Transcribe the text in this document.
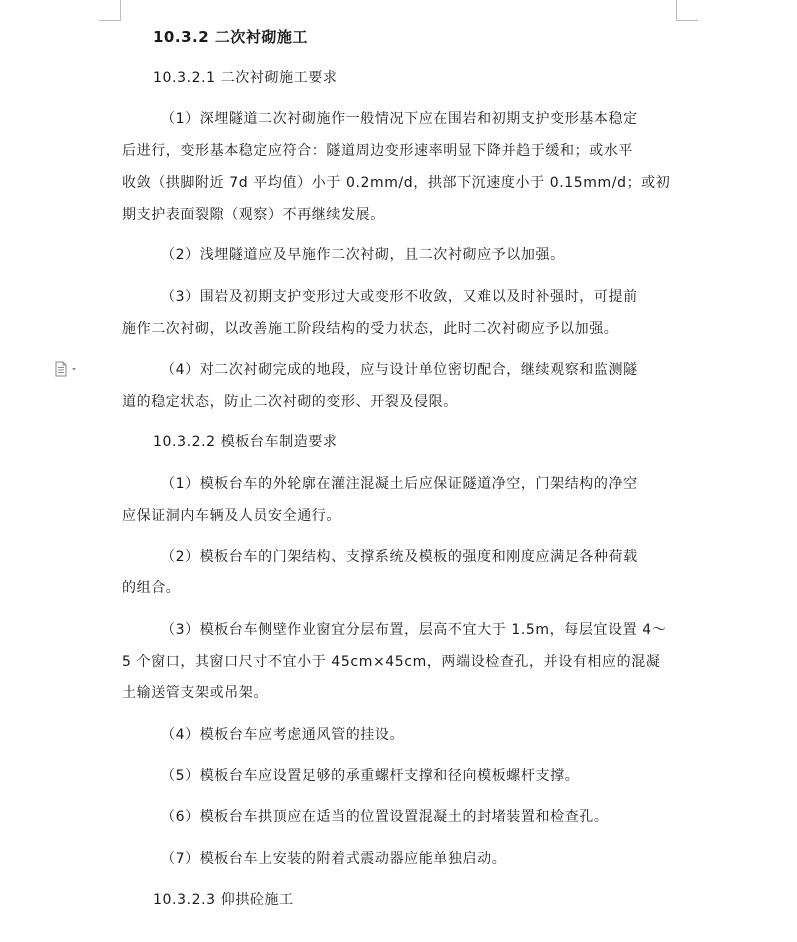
10.3.2 二次衬砌施工
10.3.2.1 二次衬砌施工要求
（1）深埋隧道二次衬砌施作一般情况下应在围岩和初期支护变形基本稳定
后进行，变形基本稳定应符合：隧道周边变形速率明显下降并趋于缓和；或水平
收敛（拱脚附近 7d 平均值）小于 0.2mm/d，拱部下沉速度小于 0.15mm/d；或初
期支护表面裂隙（观察）不再继续发展。
（2）浅埋隧道应及早施作二次衬砌，且二次衬砌应予以加强。
（3）围岩及初期支护变形过大或变形不收敛，又难以及时补强时，可提前
施作二次衬砌，以改善施工阶段结构的受力状态，此时二次衬砌应予以加强。
（4）对二次衬砌完成的地段，应与设计单位密切配合，继续观察和监测隧
道的稳定状态，防止二次衬砌的变形、开裂及侵限。
10.3.2.2 模板台车制造要求
（1）模板台车的外轮廓在灌注混凝土后应保证隧道净空，门架结构的净空
应保证洞内车辆及人员安全通行。
（2）模板台车的门架结构、支撑系统及模板的强度和刚度应满足各种荷载
的组合。
（3）模板台车侧壁作业窗宜分层布置，层高不宜大于 1.5m，每层宜设置 4～
5 个窗口，其窗口尺寸不宜小于 45cm×45cm，两端设检查孔，并设有相应的混凝
土输送管支架或吊架。
（4）模板台车应考虑通风管的挂设。
（5）模板台车应设置足够的承重螺杆支撑和径向模板螺杆支撑。
（6）模板台车拱顶应在适当的位置设置混凝土的封堵装置和检查孔。
（7）模板台车上安装的附着式震动器应能单独启动。
10.3.2.3 仰拱砼施工
